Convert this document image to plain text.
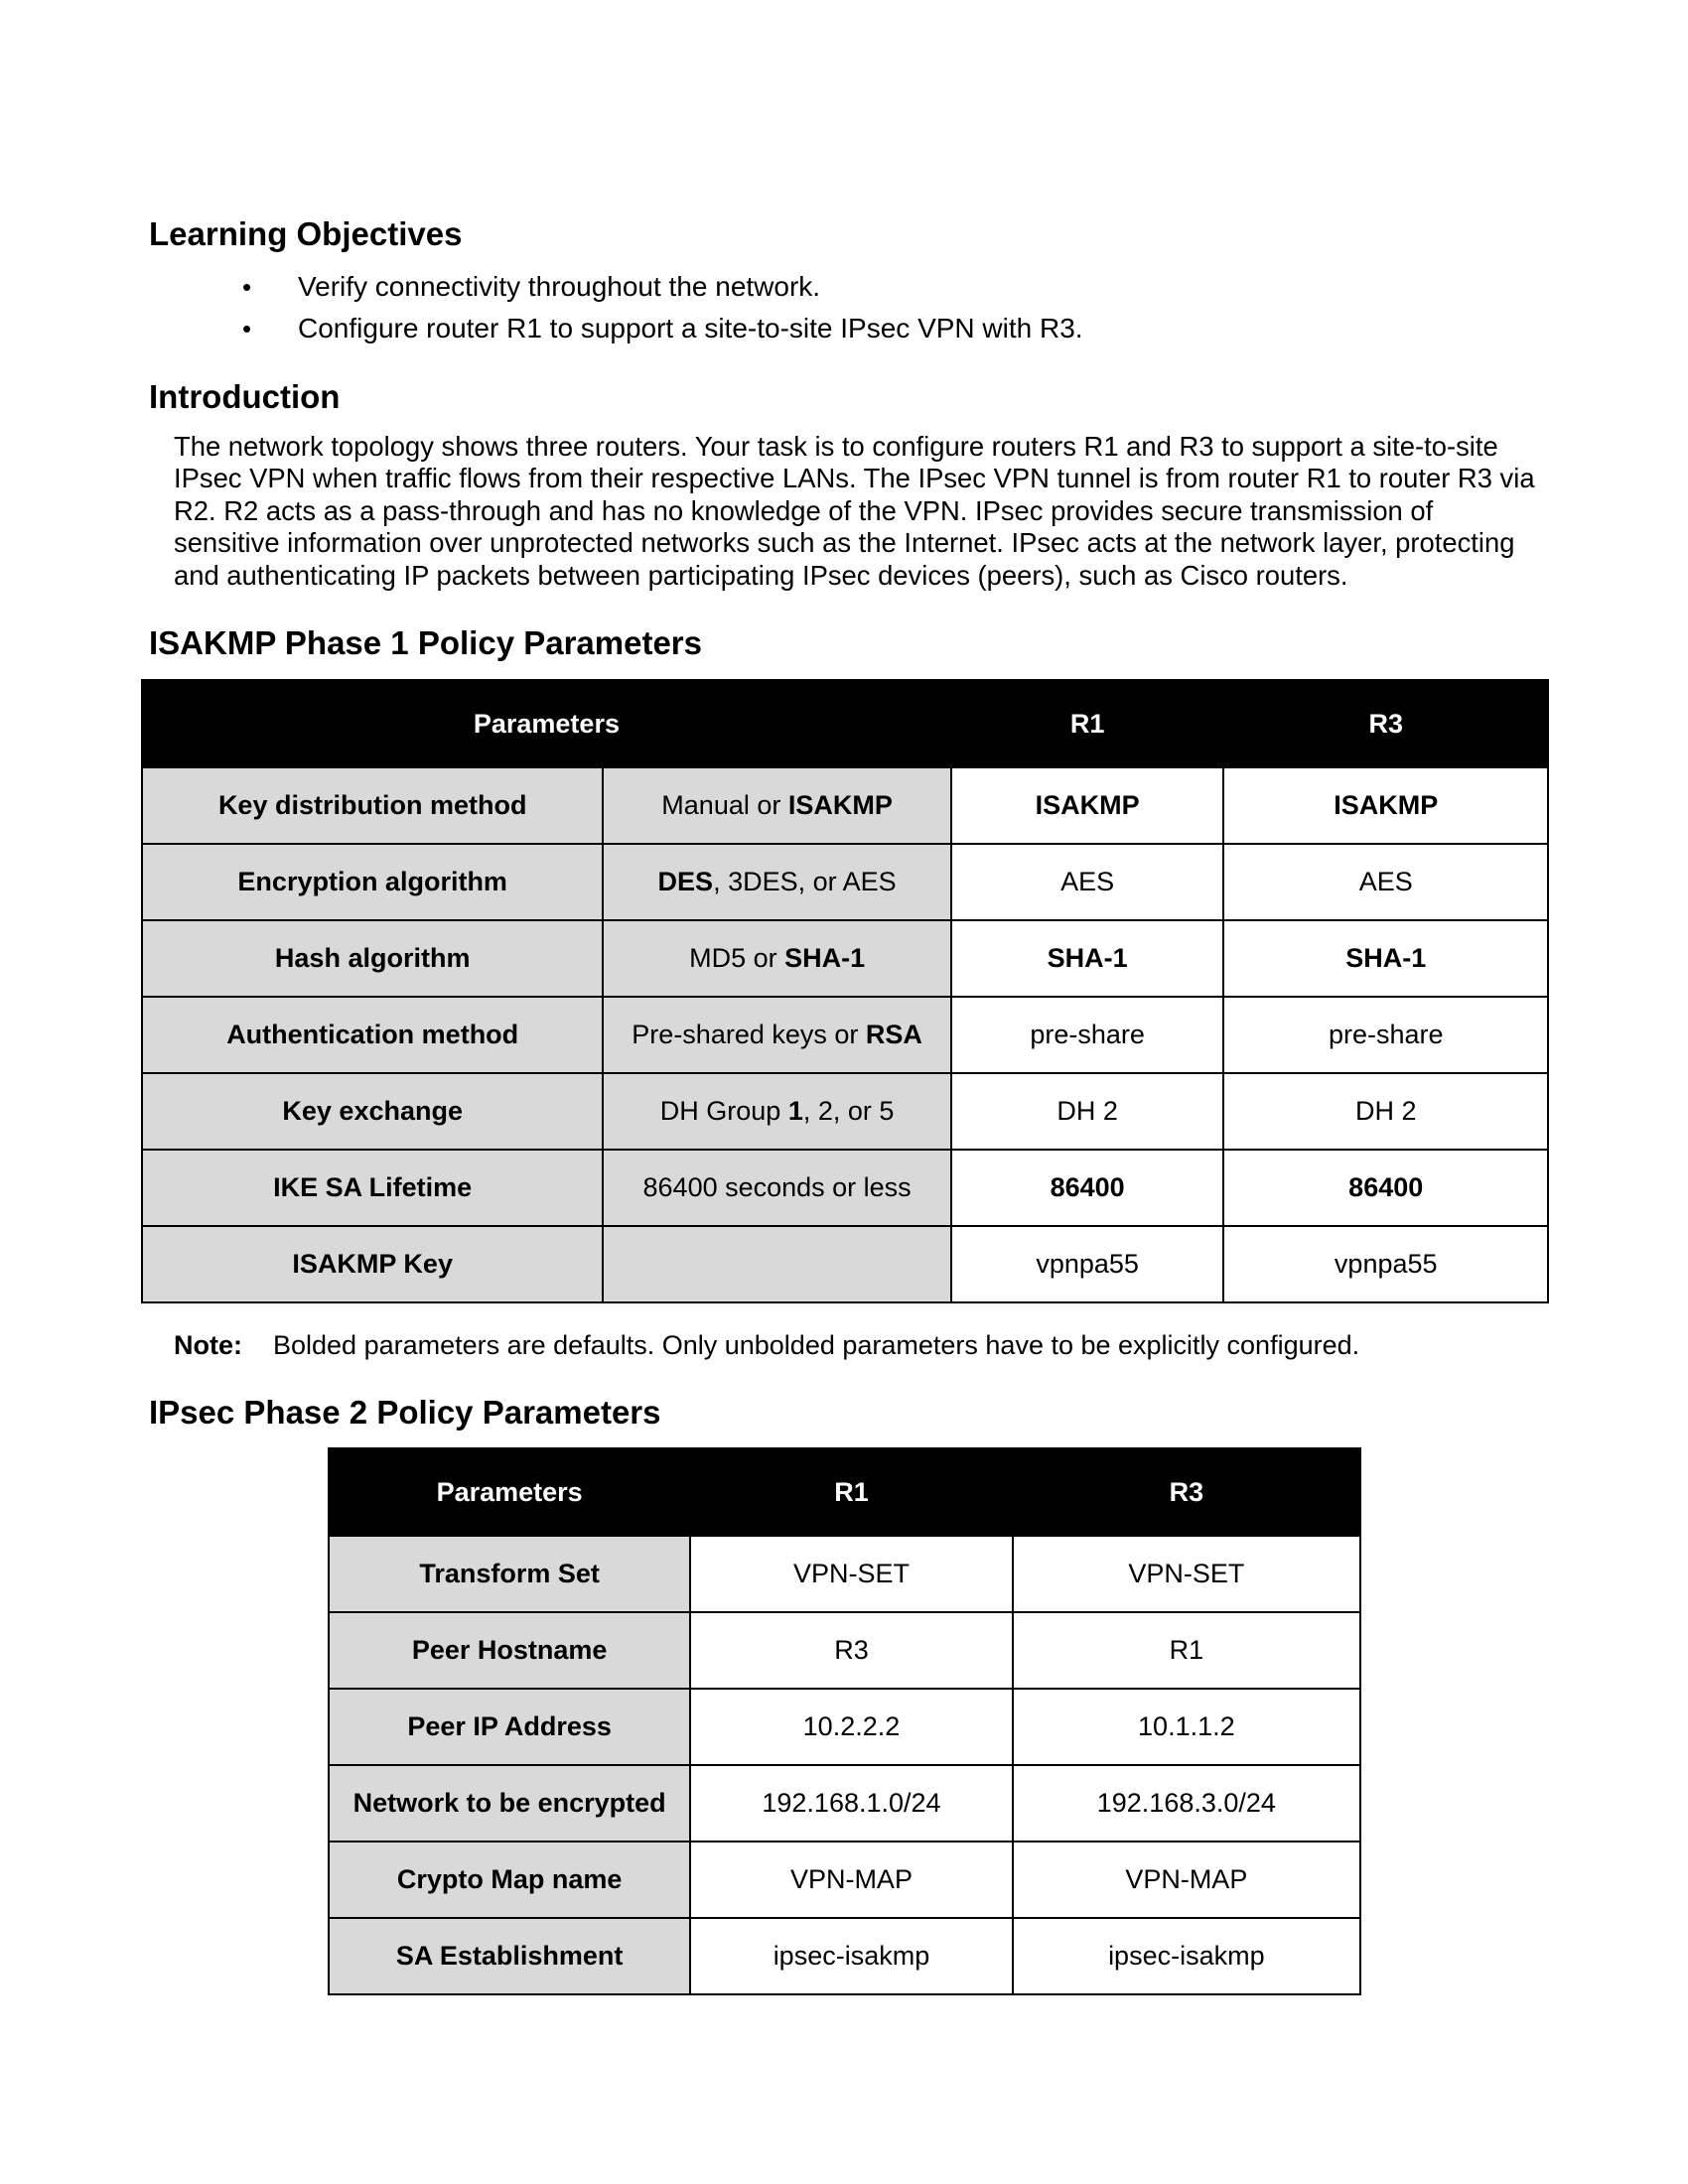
Learning Objectives
• Verify connectivity throughout the network.
• Configure router R1 to support a site-to-site IPsec VPN with R3.
Introduction

The network topology shows three routers. Your task is to configure routers R1 and R3 to support a site-to-site IPsec VPN when traffic flows from their respective LANs. The IPsec VPN tunnel is from router R1 to router R3 via R2. R2 acts as a pass-through and has no knowledge of the VPN. IPsec provides secure transmission of sensitive information over unprotected networks such as the Internet. IPsec acts at the network layer, protecting and authenticating IP packets between participating IPsec devices (peers), such as Cisco routers.

ISAKMP Phase 1 Policy Parameters
Parameters		R1	R3
Key distribution method	Manual or ISAKMP	ISAKMP	ISAKMP
Encryption algorithm	DES, 3DES, or AES	AES	AES
Hash algorithm	MD5 or SHA-1	SHA-1	SHA-1
Authentication method	Pre-shared keys or RSA	pre-share	pre-share
Key exchange	DH Group 1, 2, or 5	DH 2	DH 2
IKE SA Lifetime	86400 seconds or less	86400	86400
ISAKMP Key		vpnpa55	vpnpa55
Note: Bolded parameters are defaults. Only unbolded parameters have to be explicitly configured.
IPsec Phase 2 Policy Parameters
Parameters	R1	R3
Transform Set	VPN-SET	VPN-SET
Peer Hostname	R3	R1
Peer IP Address	10.2.2.2	10.1.1.2
Network to be encrypted	192.168.1.0/24	192.168.3.0/24
Crypto Map name	VPN-MAP	VPN-MAP
SA Establishment	ipsec-isakmp	ipsec-isakmp
